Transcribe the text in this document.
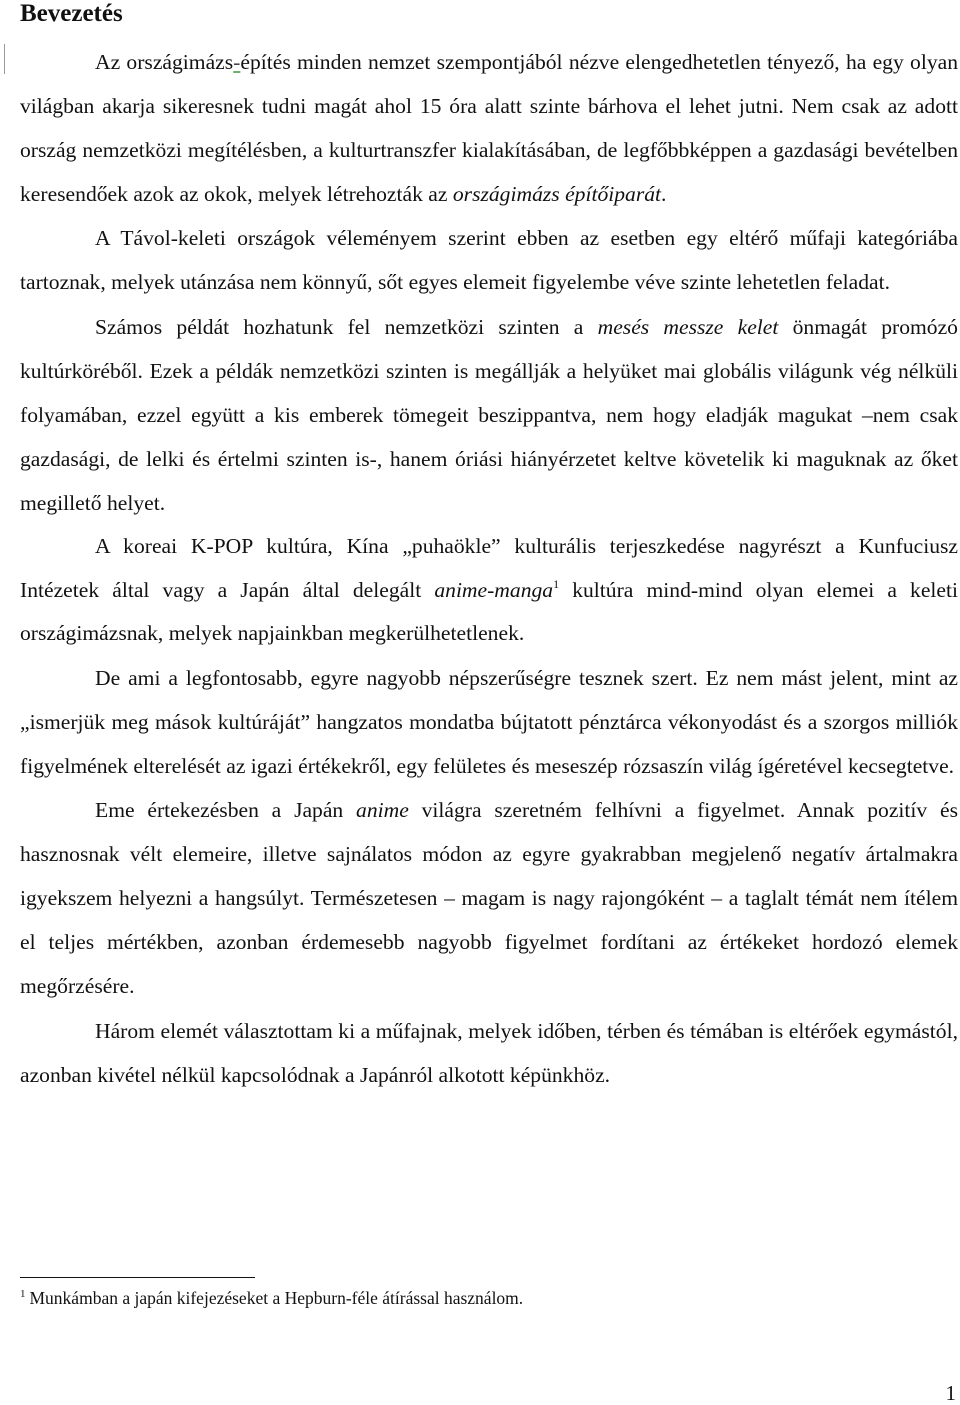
Bevezetés

Az országimázs-építés minden nemzet szempontjából nézve elengedhetetlen tényező, ha egy olyan világban akarja sikeresnek tudni magát ahol 15 óra alatt szinte bárhova el lehet jutni. Nem csak az adott ország nemzetközi megítélésben, a kulturtranszfer kialakításában, de legfőbbképpen a gazdasági bevételben keresendőek azok az okok, melyek létrehozták az országimázs építőiparát.

A Távol-keleti országok véleményem szerint ebben az esetben egy eltérő műfaji kategóriába tartoznak, melyek utánzása nem könnyű, sőt egyes elemeit figyelembe véve szinte lehetetlen feladat.

Számos példát hozhatunk fel nemzetközi szinten a mesés messze kelet önmagát promózó kultúrköréből. Ezek a példák nemzetközi szinten is megállják a helyüket mai globális világunk vég nélküli folyamában, ezzel együtt a kis emberek tömegeit beszippantva, nem hogy eladják magukat –nem csak gazdasági, de lelki és értelmi szinten is-, hanem óriási hiányérzetet keltve követelik ki maguknak az őket megillető helyet.

A koreai K-POP kultúra, Kína „puhaökle” kulturális terjeszkedése nagyrészt a Kunfuciusz Intézetek által vagy a Japán által delegált anime-manga$^1$ kultúra mind-mind olyan elemei a keleti országimázsnak, melyek napjainkban megkerülhetetlenek.

De ami a legfontosabb, egyre nagyobb népszerűségre tesznek szert. Ez nem mást jelent, mint az „ismerjük meg mások kultúráját” hangzatos mondatba bújtatott pénztárca vékonyodást és a szorgos milliók figyelmének elterelését az igazi értékekről, egy felületes és meseszép rózsaszín világ ígéretével kecsegtetve.

Eme értekezésben a Japán anime világra szeretném felhívni a figyelmet. Annak pozitív és hasznosnak vélt elemeire, illetve sajnálatos módon az egyre gyakrabban megjelenő negatív ártalmakra igyekszem helyezni a hangsúlyt. Természetesen – magam is nagy rajongóként – a taglalt témát nem ítélem el teljes mértékben, azonban érdemesebb nagyobb figyelmet fordítani az értékeket hordozó elemek megőrzésére.

Három elemét választottam ki a műfajnak, melyek időben, térben és témában is eltérőek egymástól, azonban kivétel nélkül kapcsolódnak a Japánról alkotott képünkhöz.

$^1$ Munkámban a japán kifejezéseket a Hepburn-féle átírással használom.
1
